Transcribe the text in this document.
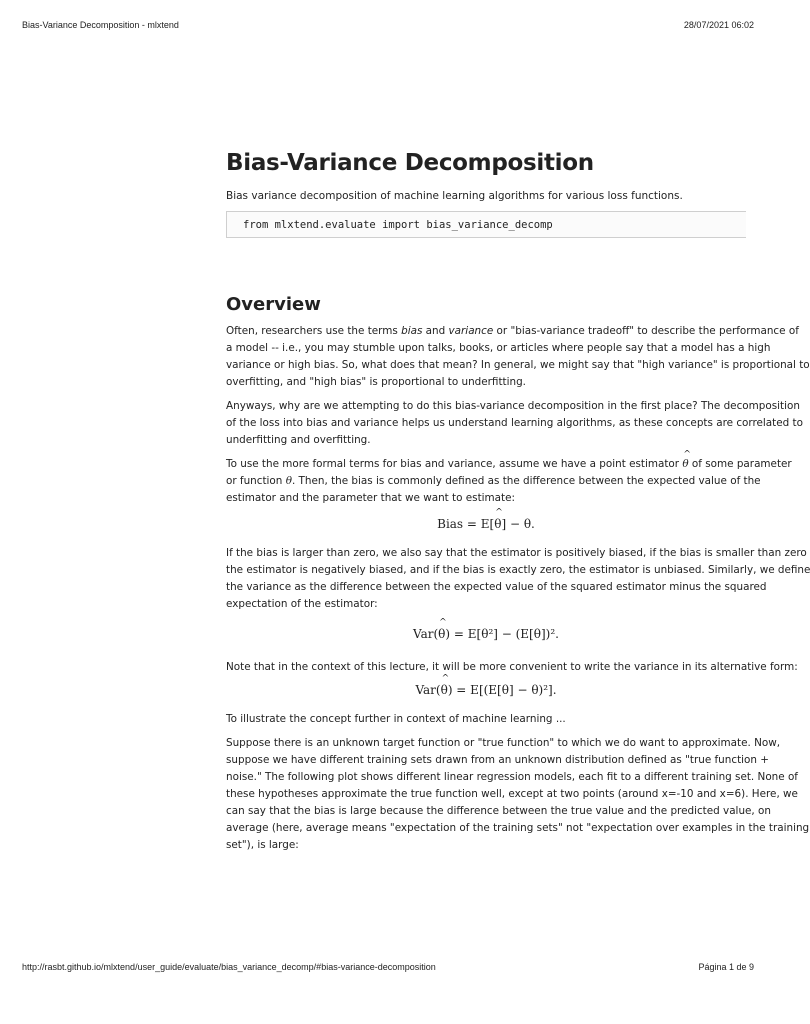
Bias-Variance Decomposition - mlxtend	28/07/2021 06:02
Bias-Variance Decomposition
Bias variance decomposition of machine learning algorithms for various loss functions.
from mlxtend.evaluate import bias_variance_decomp
Overview

Often, researchers use the terms bias and variance or "bias-variance tradeoff" to describe the performance of
a model -- i.e., you may stumble upon talks, books, or articles where people say that a model has a high
variance or high bias. So, what does that mean? In general, we might say that "high variance" is proportional to
overfitting, and "high bias" is proportional to underfitting.

Anyways, why are we attempting to do this bias-variance decomposition in the first place? The decomposition
of the loss into bias and variance helps us understand learning algorithms, as these concepts are correlated to
underfitting and overfitting.

To use the more formal terms for bias and variance, assume we have a point estimator ^ θ of some parameter
or function θ. Then, the bias is commonly defined as the difference between the expected value of the
estimator and the parameter that we want to estimate:

Bias = E[^ θ] − θ.

If the bias is larger than zero, we also say that the estimator is positively biased, if the bias is smaller than zero
the estimator is negatively biased, and if the bias is exactly zero, the estimator is unbiased. Similarly, we define
the variance as the difference between the expected value of the squared estimator minus the squared
expectation of the estimator:

Var(^ θ) = E[θ²] − (E[θ])².

Note that in the context of this lecture, it will be more convenient to write the variance in its alternative form:

Var(^ θ) = E[(E[θ] − θ)²].

To illustrate the concept further in context of machine learning ...

Suppose there is an unknown target function or "true function" to which we do want to approximate. Now,
suppose we have different training sets drawn from an unknown distribution defined as "true function +
noise." The following plot shows different linear regression models, each fit to a different training set. None of
these hypotheses approximate the true function well, except at two points (around x=-10 and x=6). Here, we
can say that the bias is large because the difference between the true value and the predicted value, on
average (here, average means "expectation of the training sets" not "expectation over examples in the training
set"), is large:

http://rasbt.github.io/mlxtend/user_guide/evaluate/bias_variance_decomp/#bias-variance-decomposition	Página 1 de 9
